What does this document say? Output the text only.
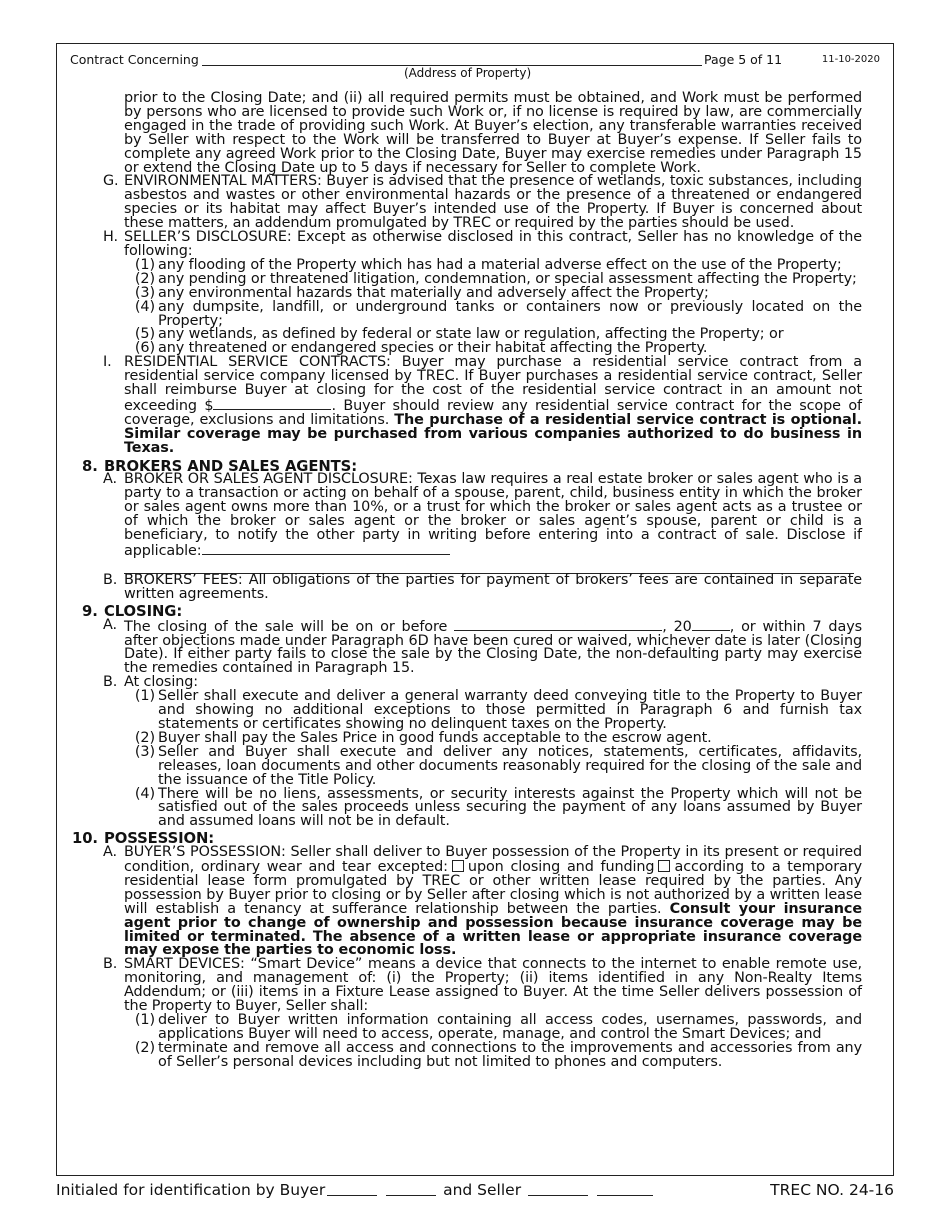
Contract Concerning	Page 5 of 11	11-10-2020
(Address of Property)
prior to the Closing Date; and (ii) all required permits must be obtained, and Work must be performed by persons who are licensed to provide such Work or, if no license is required by law, are commercially engaged in the trade of providing such Work. At Buyer’s election, any transferable warranties received by Seller with respect to the Work will be transferred to Buyer at Buyer’s expense. If Seller fails to complete any agreed Work prior to the Closing Date, Buyer may exercise remedies under Paragraph 15 or extend the Closing Date up to 5 days if necessary for Seller to complete Work.
G. ENVIRONMENTAL MATTERS: Buyer is advised that the presence of wetlands, toxic substances, including asbestos and wastes or other environmental hazards or the presence of a threatened or endangered species or its habitat may affect Buyer’s intended use of the Property. If Buyer is concerned about these matters, an addendum promulgated by TREC or required by the parties should be used.
H. SELLER’S DISCLOSURE: Except as otherwise disclosed in this contract, Seller has no knowledge of the following:
(1) any flooding of the Property which has had a material adverse effect on the use of the Property;
(2) any pending or threatened litigation, condemnation, or special assessment affecting the Property;
(3) any environmental hazards that materially and adversely affect the Property;
(4) any dumpsite, landfill, or underground tanks or containers now or previously located on the Property;
(5) any wetlands, as defined by federal or state law or regulation, affecting the Property; or
(6) any threatened or endangered species or their habitat affecting the Property.
I. RESIDENTIAL SERVICE CONTRACTS: Buyer may purchase a residential service contract from a residential service company licensed by TREC. If Buyer purchases a residential service contract, Seller shall reimburse Buyer at closing for the cost of the residential service contract in an amount not exceeding $	. Buyer should review any residential service contract for the scope of coverage, exclusions and limitations. The purchase of a residential service contract is optional. Similar coverage may be purchased from various companies authorized to do business in Texas.
8. BROKERS AND SALES AGENTS:
A. BROKER OR SALES AGENT DISCLOSURE: Texas law requires a real estate broker or sales agent who is a party to a transaction or acting on behalf of a spouse, parent, child, business entity in which the broker or sales agent owns more than 10%, or a trust for which the broker or sales agent acts as a trustee or of which the broker or sales agent or the broker or sales agent’s spouse, parent or child is a beneficiary, to notify the other party in writing before entering into a contract of sale. Disclose if applicable:
B. BROKERS’ FEES: All obligations of the parties for payment of brokers’ fees are contained in separate written agreements.
9. CLOSING:
A. The closing of the sale will be on or before	, 20	, or within 7 days after objections made under Paragraph 6D have been cured or waived, whichever date is later (Closing Date). If either party fails to close the sale by the Closing Date, the non-defaulting party may exercise the remedies contained in Paragraph 15.
B. At closing:
(1) Seller shall execute and deliver a general warranty deed conveying title to the Property to Buyer and showing no additional exceptions to those permitted in Paragraph 6 and furnish tax statements or certificates showing no delinquent taxes on the Property.
(2) Buyer shall pay the Sales Price in good funds acceptable to the escrow agent.
(3) Seller and Buyer shall execute and deliver any notices, statements, certificates, affidavits, releases, loan documents and other documents reasonably required for the closing of the sale and the issuance of the Title Policy.
(4) There will be no liens, assessments, or security interests against the Property which will not be satisfied out of the sales proceeds unless securing the payment of any loans assumed by Buyer and assumed loans will not be in default.
10. POSSESSION:
A. BUYER’S POSSESSION: Seller shall deliver to Buyer possession of the Property in its present or required condition, ordinary wear and tear excepted: upon closing and funding according to a temporary residential lease form promulgated by TREC or other written lease required by the parties. Any possession by Buyer prior to closing or by Seller after closing which is not authorized by a written lease will establish a tenancy at sufferance relationship between the parties. Consult your insurance agent prior to change of ownership and possession because insurance coverage may be limited or terminated. The absence of a written lease or appropriate insurance coverage may expose the parties to economic loss.
B. SMART DEVICES: “Smart Device” means a device that connects to the internet to enable remote use, monitoring, and management of: (i) the Property; (ii) items identified in any Non-Realty Items Addendum; or (iii) items in a Fixture Lease assigned to Buyer. At the time Seller delivers possession of the Property to Buyer, Seller shall:
(1) deliver to Buyer written information containing all access codes, usernames, passwords, and applications Buyer will need to access, operate, manage, and control the Smart Devices; and
(2) terminate and remove all access and connections to the improvements and accessories from any of Seller’s personal devices including but not limited to phones and computers.
Initialed for identification by Buyer	and Seller	TREC NO. 24-16
